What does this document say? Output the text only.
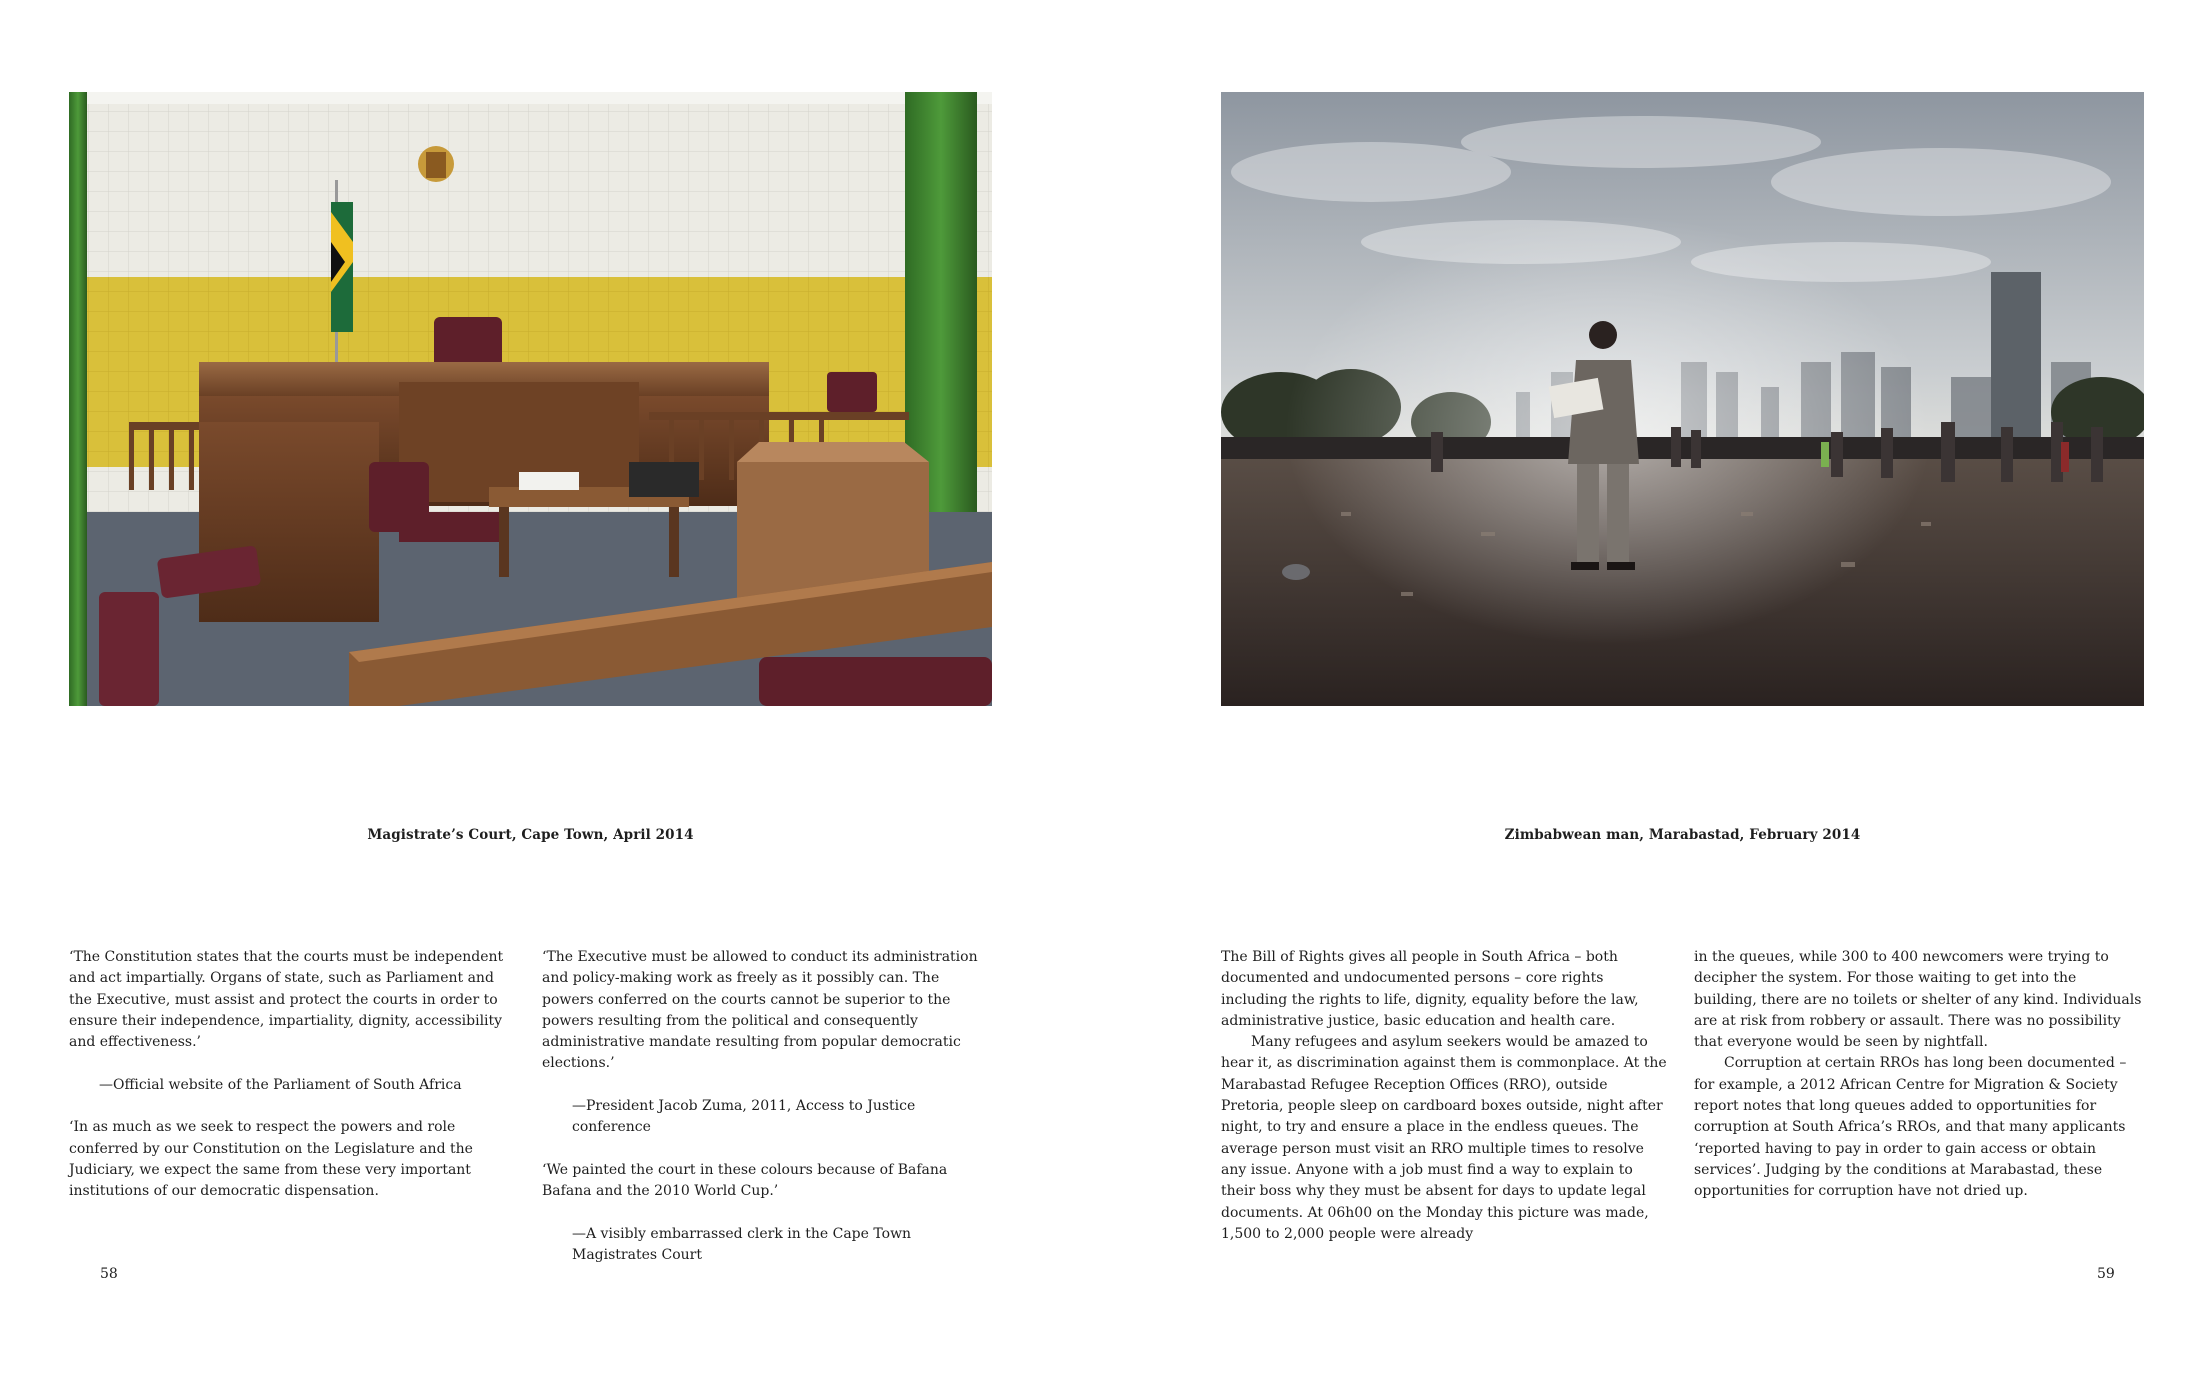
Magistrate’s Court, Cape Town, April 2014

‘The Constitution states that the courts must be independent and act impartially. Organs of state, such as Parliament and the Executive, must assist and protect the courts in order to ensure their independence, impartiality, dignity, accessibility and effectiveness.’

—Official website of the Parliament of South Africa

‘In as much as we seek to respect the powers and role conferred by our Constitution on the Legislature and the Judiciary, we expect the same from these very important institutions of our democratic dispensation.

‘The Executive must be allowed to conduct its administration and policy-making work as freely as it possibly can. The powers conferred on the courts cannot be superior to the powers resulting from the political and consequently administrative mandate resulting from popular democratic elections.’

—President Jacob Zuma, 2011, Access to Justice conference

‘We painted the court in these colours because of Bafana Bafana and the 2010 World Cup.’

—A visibly embarrassed clerk in the Cape Town Magistrates Court

58
Zimbabwean man, Marabastad, February 2014

The Bill of Rights gives all people in South Africa – both documented and undocumented persons – core rights including the rights to life, dignity, equality before the law, administrative justice, basic education and health care.

Many refugees and asylum seekers would be amazed to hear it, as discrimination against them is commonplace. At the Marabastad Refugee Reception Offices (RRO), outside Pretoria, people sleep on cardboard boxes outside, night after night, to try and ensure a place in the endless queues. The average person must visit an RRO multiple times to resolve any issue. Anyone with a job must find a way to explain to their boss why they must be absent for days to update legal documents. At 06h00 on the Monday this picture was made, 1,500 to 2,000 people were already

in the queues, while 300 to 400 newcomers were trying to decipher the system. For those waiting to get into the building, there are no toilets or shelter of any kind. Individuals are at risk from robbery or assault. There was no possibility that everyone would be seen by nightfall.

Corruption at certain RROs has long been documented – for example, a 2012 African Centre for Migration & Society report notes that long queues added to opportunities for corruption at South Africa’s RROs, and that many applicants ‘reported having to pay in order to gain access or obtain services’. Judging by the conditions at Marabastad, these opportunities for corruption have not dried up.

59
